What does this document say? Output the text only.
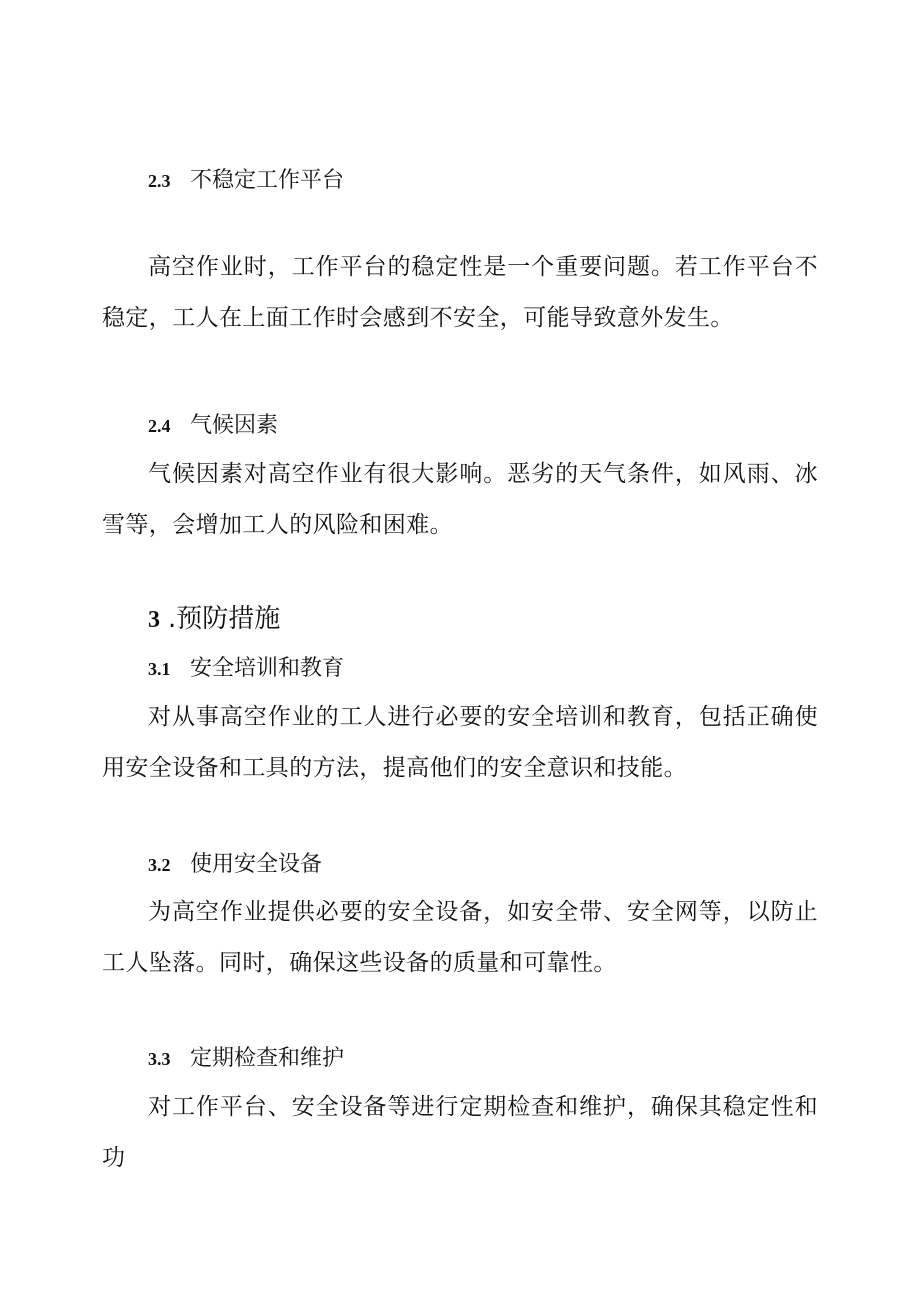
2.3 不稳定工作平台

高空作业时，工作平台的稳定性是一个重要问题。若工作平台不稳定，工人在上面工作时会感到不安全，可能导致意外发生。

2.4 气候因素

气候因素对高空作业有很大影响。恶劣的天气条件，如风雨、冰雪等，会增加工人的风险和困难。

3 .预防措施
3.1 安全培训和教育

对从事高空作业的工人进行必要的安全培训和教育，包括正确使用安全设备和工具的方法，提高他们的安全意识和技能。

3.2 使用安全设备

为高空作业提供必要的安全设备，如安全带、安全网等，以防止工人坠落。同时，确保这些设备的质量和可靠性。

3.3 定期检查和维护

对工作平台、安全设备等进行定期检查和维护，确保其稳定性和功
